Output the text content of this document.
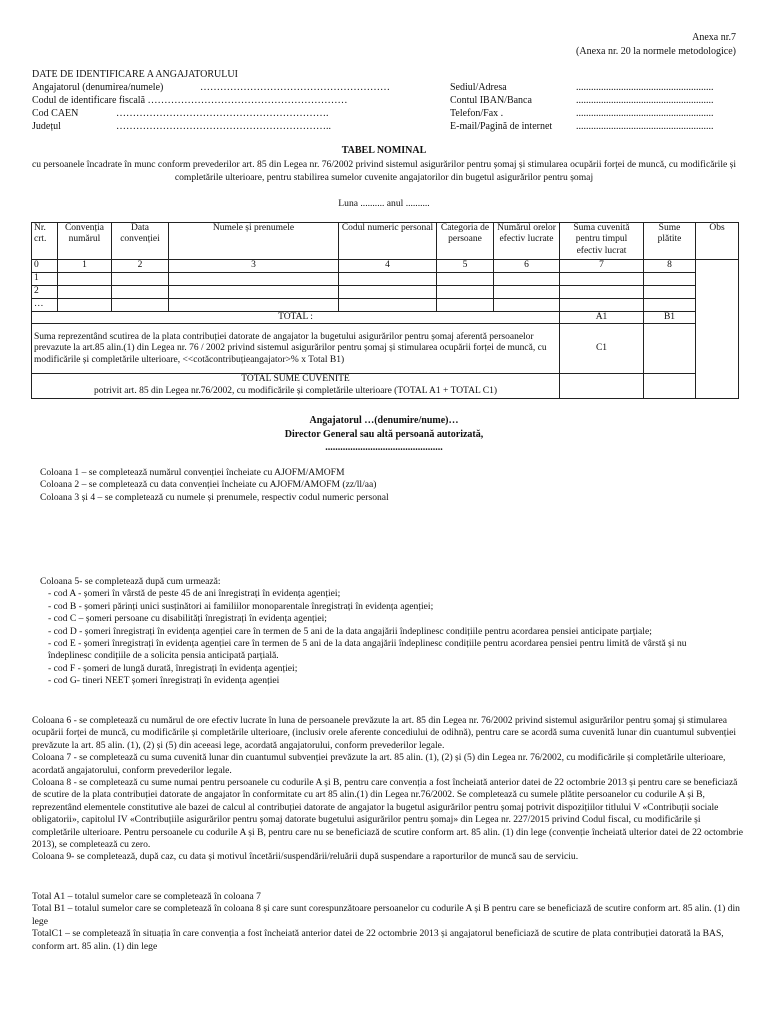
Anexa nr.7
(Anexa nr. 20 la normele metodologice)
DATE DE IDENTIFICARE A ANGAJATORULUI
Angajatorul (denumirea/numele)	…………………………………………………
Codul de identificare fiscală ……………………………………………………
Cod CAEN	……………………………………………………….
Județul	………………………………………………………..
Sediul/Adresa	.......................................................
Contul IBAN/Banca	.......................................................
Telefon/Fax .	.......................................................
E-mail/Pagină de internet .......................................................
TABEL NOMINAL
cu persoanele încadrate în munc conform prevederilor art. 85 din Legea nr. 76/2002 privind sistemul asigurărilor pentru șomaj și stimularea ocupării forței de muncă, cu modificările și completările ulterioare, pentru stabilirea sumelor cuvenite angajatorilor din bugetul asigurărilor pentru șomaj
Luna .......... anul ..........
Nr. crt.	Convenția numărul	Data convenției	Numele și prenumele	Codul numeric personal	Categoria de persoane	Numărul orelor efectiv lucrate	Suma cuvenită pentru timpul efectiv lucrat	Sume plătite	Obs	
0	1	2	3	4	5	6	7	8		
1										
2										
…										
TOTAL :							A1	B1		
Suma reprezentând scutirea de la plata contribuției datorate de angajator la bugetului asigurărilor pentru șomaj aferentă persoanelor prevazute la art.85 alin.(1) din Legea nr. 76 / 2002 privind sistemul asigurărilor pentru șomaj și stimularea ocupării forței de muncă, cu modificările și completările ulterioare, <<cotăcontribuțieangajator>% x Total B1)							C1			

TOTAL SUME CUVENITE
potrivit art. 85 din Legea nr.76/2002, cu modificările și completările ulterioare (TOTAL A1 + TOTAL C1)										

Angajatorul …(denumire/nume)…
Director General sau altă persoană autorizată,
...............................................

Coloana 1 – se completează numărul convenției încheiate cu AJOFM/AMOFM

Coloana 2 – se completează cu data convenției încheiate cu AJOFM/AMOFM (zz/ll/aa)

Coloana 3 și 4 – se completează cu numele și prenumele, respectiv codul numeric personal

Coloana 5- se completează după cum urmează:

- cod A - șomeri în vârstă de peste 45 de ani înregistrați în evidența agenției;

- cod B - șomeri părinți unici susținători ai familiilor monoparentale înregistrați în evidența agenției;

- cod C – șomeri persoane cu disabilități înregistrați în evidența agenției;

- cod D - șomeri înregistrați în evidența agenției care în termen de 5 ani de la data angajării îndeplinesc condițiile pentru acordarea pensiei anticipate parțiale;

- cod E - șomeri înregistrați în evidența agenției care în termen de 5 ani de la data angajării îndeplinesc condițiile pentru acordarea pensiei pentru limită de vârstă și nu îndeplinesc condițiile de a solicita pensia anticipată parțială.

- cod F - șomeri de lungă durată, înregistrați în evidența agenției;

- cod G- tineri NEET șomeri înregistrați în evidența agenției

Coloana 6 - se completează cu numărul de ore efectiv lucrate în luna de persoanele prevăzute la art. 85 din Legea nr. 76/2002 privind sistemul asigurărilor pentru șomaj și stimularea ocupării forței de muncă, cu modificările și completările ulterioare, (inclusiv orele aferente concediului de odihnă), pentru care se acordă suma cuvenită lunar din cuantumul subvenției prevăzute la art. 85 alin. (1), (2) și (5) din aceeasi lege, acordată angajatorului, conform prevederilor legale.

Coloana 7 - se completează cu suma cuvenită lunar din cuantumul subvenției prevăzute la art. 85 alin. (1), (2) și (5) din Legea nr. 76/2002, cu modificările și completările ulterioare, acordată angajatorului, conform prevederilor legale.

Coloana 8 - se completează cu sume numai pentru persoanele cu codurile A și B, pentru care convenția a fost încheiată anterior datei de 22 octombrie 2013 și pentru care se beneficiază de scutire de la plata contribuției datorate de angajator în conformitate cu art 85 alin.(1) din Legea nr.76/2002. Se completează cu sumele plătite persoanelor cu codurile A și B, reprezentând elementele constitutive ale bazei de calcul al contribuției datorate de angajator la bugetul asigurărilor pentru șomaj potrivit dispozițiilor titlului V «Contribuții sociale obligatorii», capitolul IV «Contribuțiile asigurărilor pentru șomaj datorate bugetului asigurărilor pentru șomaj» din Legea nr. 227/2015 privind Codul fiscal, cu modificările și completările ulterioare. Pentru persoanele cu codurile A și B, pentru care nu se beneficiază de scutire conform art. 85 alin. (1) din lege (convenție încheiată ulterior datei de 22 octombrie 2013), se completează cu zero.

Coloana 9- se completează, după caz, cu data și motivul încetării/suspendării/reluării după suspendare a raporturilor de muncă sau de serviciu.

Total A1 – totalul sumelor care se completează în coloana 7

Total B1 – totalul sumelor care se completează în coloana 8 și care sunt corespunzătoare persoanelor cu codurile A și B pentru care se beneficiază de scutire conform art. 85 alin. (1) din lege

TotalC1 – se completează în situația în care convenția a fost încheiată anterior datei de 22 octombrie 2013 și angajatorul beneficiază de scutire de plata contribuției datorată la BAS, conform art. 85 alin. (1) din lege
